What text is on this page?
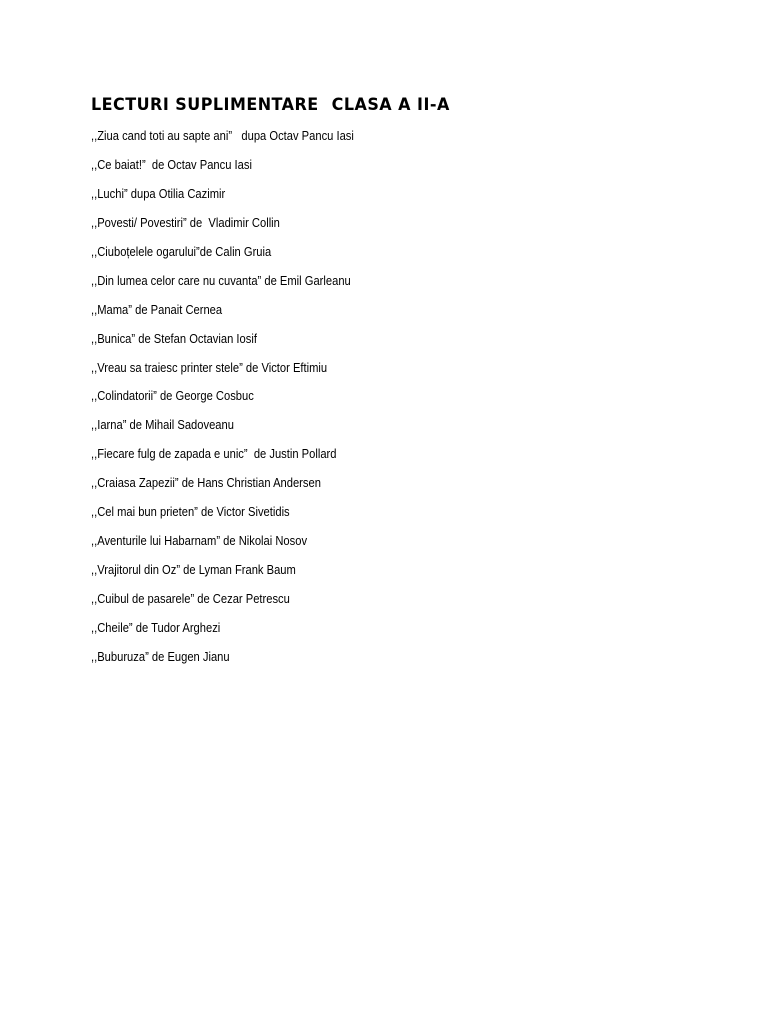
LECTURI SUPLIMENTARE CLASA A II-A
,,Ziua cand toti au sapte ani”   dupa Octav Pancu Iasi
,,Ce baiat!”  de Octav Pancu Iasi
,,Luchi” dupa Otilia Cazimir
,,Povesti/ Povestiri” de  Vladimir Collin
,,Ciuboțelele ogarului”de Calin Gruia
,,Din lumea celor care nu cuvanta” de Emil Garleanu
,,Mama” de Panait Cernea
,,Bunica” de Stefan Octavian Iosif
,,Vreau sa traiesc printer stele” de Victor Eftimiu
,,Colindatorii” de George Cosbuc
,,Iarna” de Mihail Sadoveanu
,,Fiecare fulg de zapada e unic”  de Justin Pollard
,,Craiasa Zapezii” de Hans Christian Andersen
,,Cel mai bun prieten” de Victor Sivetidis
,,Aventurile lui Habarnam” de Nikolai Nosov
,,Vrajitorul din Oz” de Lyman Frank Baum
,,Cuibul de pasarele” de Cezar Petrescu
,,Cheile” de Tudor Arghezi
,,Buburuza” de Eugen Jianu
